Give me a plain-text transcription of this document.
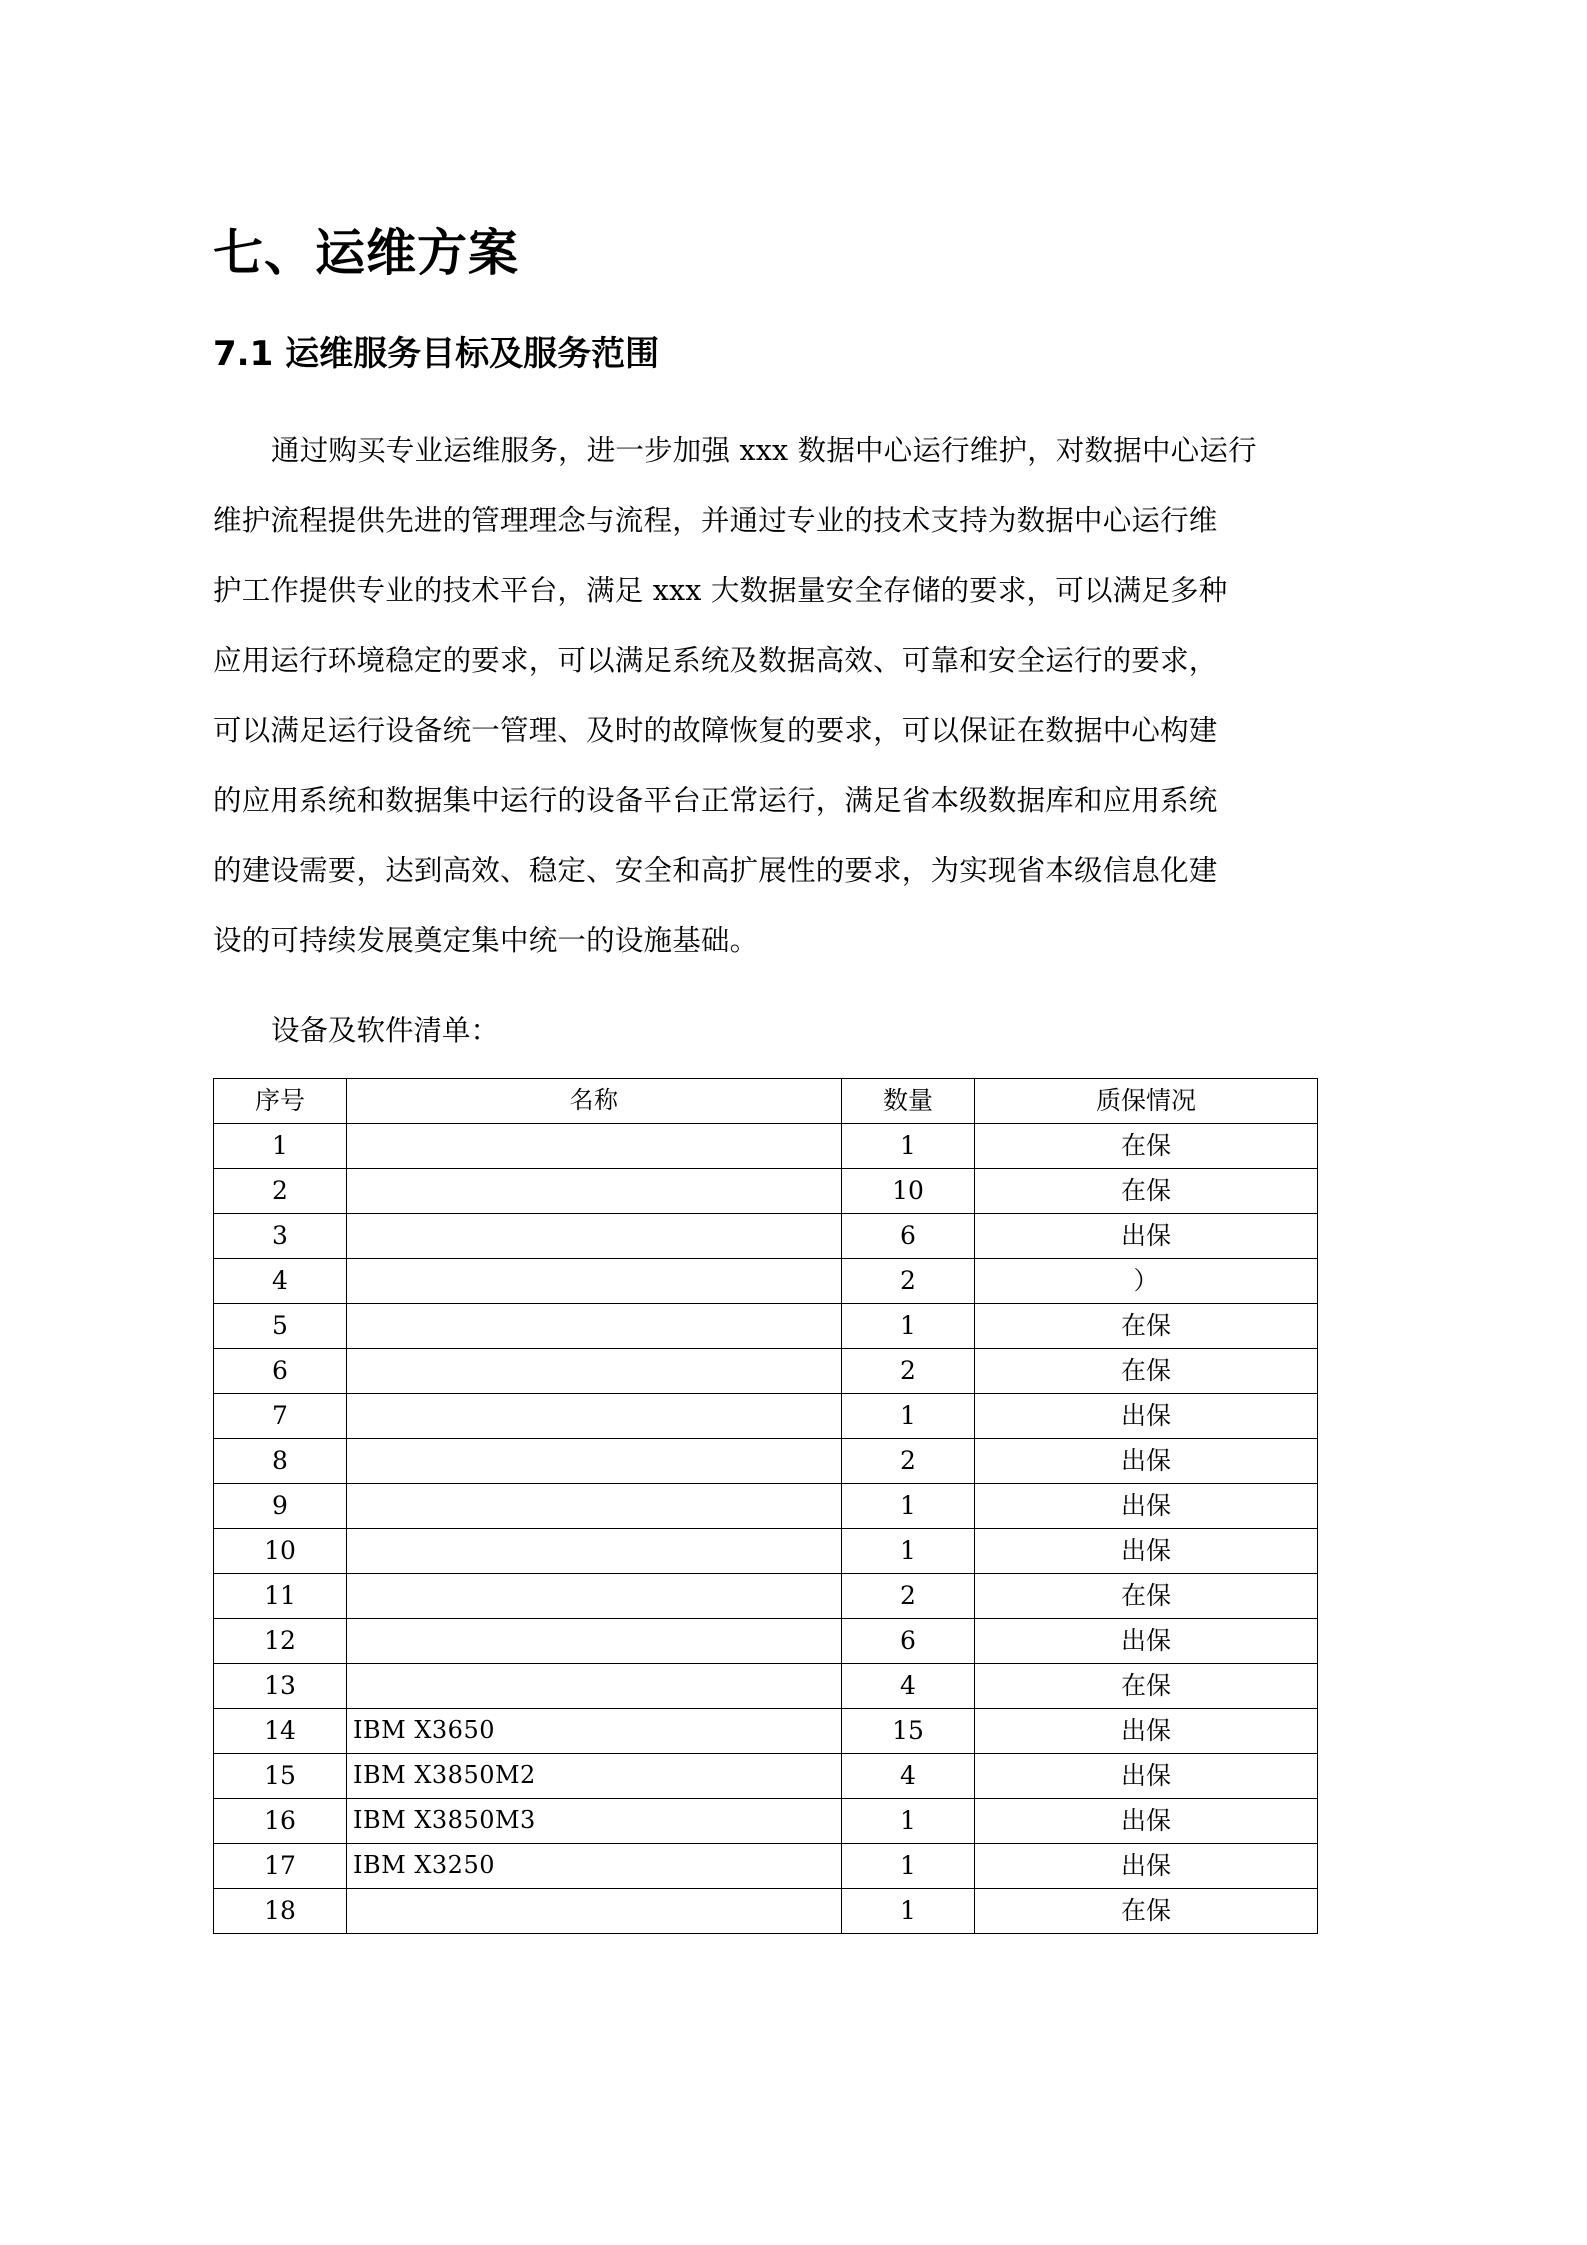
七、运维方案
7.1 运维服务目标及服务范围
通过购买专业运维服务，进一步加强 xxx 数据中心运行维护，对数据中心运行
维护流程提供先进的管理理念与流程，并通过专业的技术支持为数据中心运行维
护工作提供专业的技术平台，满足 xxx 大数据量安全存储的要求，可以满足多种
应用运行环境稳定的要求，可以满足系统及数据高效、可靠和安全运行的要求，
可以满足运行设备统一管理、及时的故障恢复的要求，可以保证在数据中心构建
的应用系统和数据集中运行的设备平台正常运行，满足省本级数据库和应用系统
的建设需要，达到高效、稳定、安全和高扩展性的要求，为实现省本级信息化建
设的可持续发展奠定集中统一的设施基础。

设备及软件清单：

序号	名称	数量	质保情况
1		1	在保
2		10	在保
3		6	出保
4		2	）
5		1	在保
6		2	在保
7		1	出保
8		2	出保
9		1	出保
10		1	出保
11		2	在保
12		6	出保
13		4	在保
14	IBM X3650	15	出保
15	IBM X3850M2	4	出保
16	IBM X3850M3	1	出保
17	IBM X3250	1	出保
18		1	在保
